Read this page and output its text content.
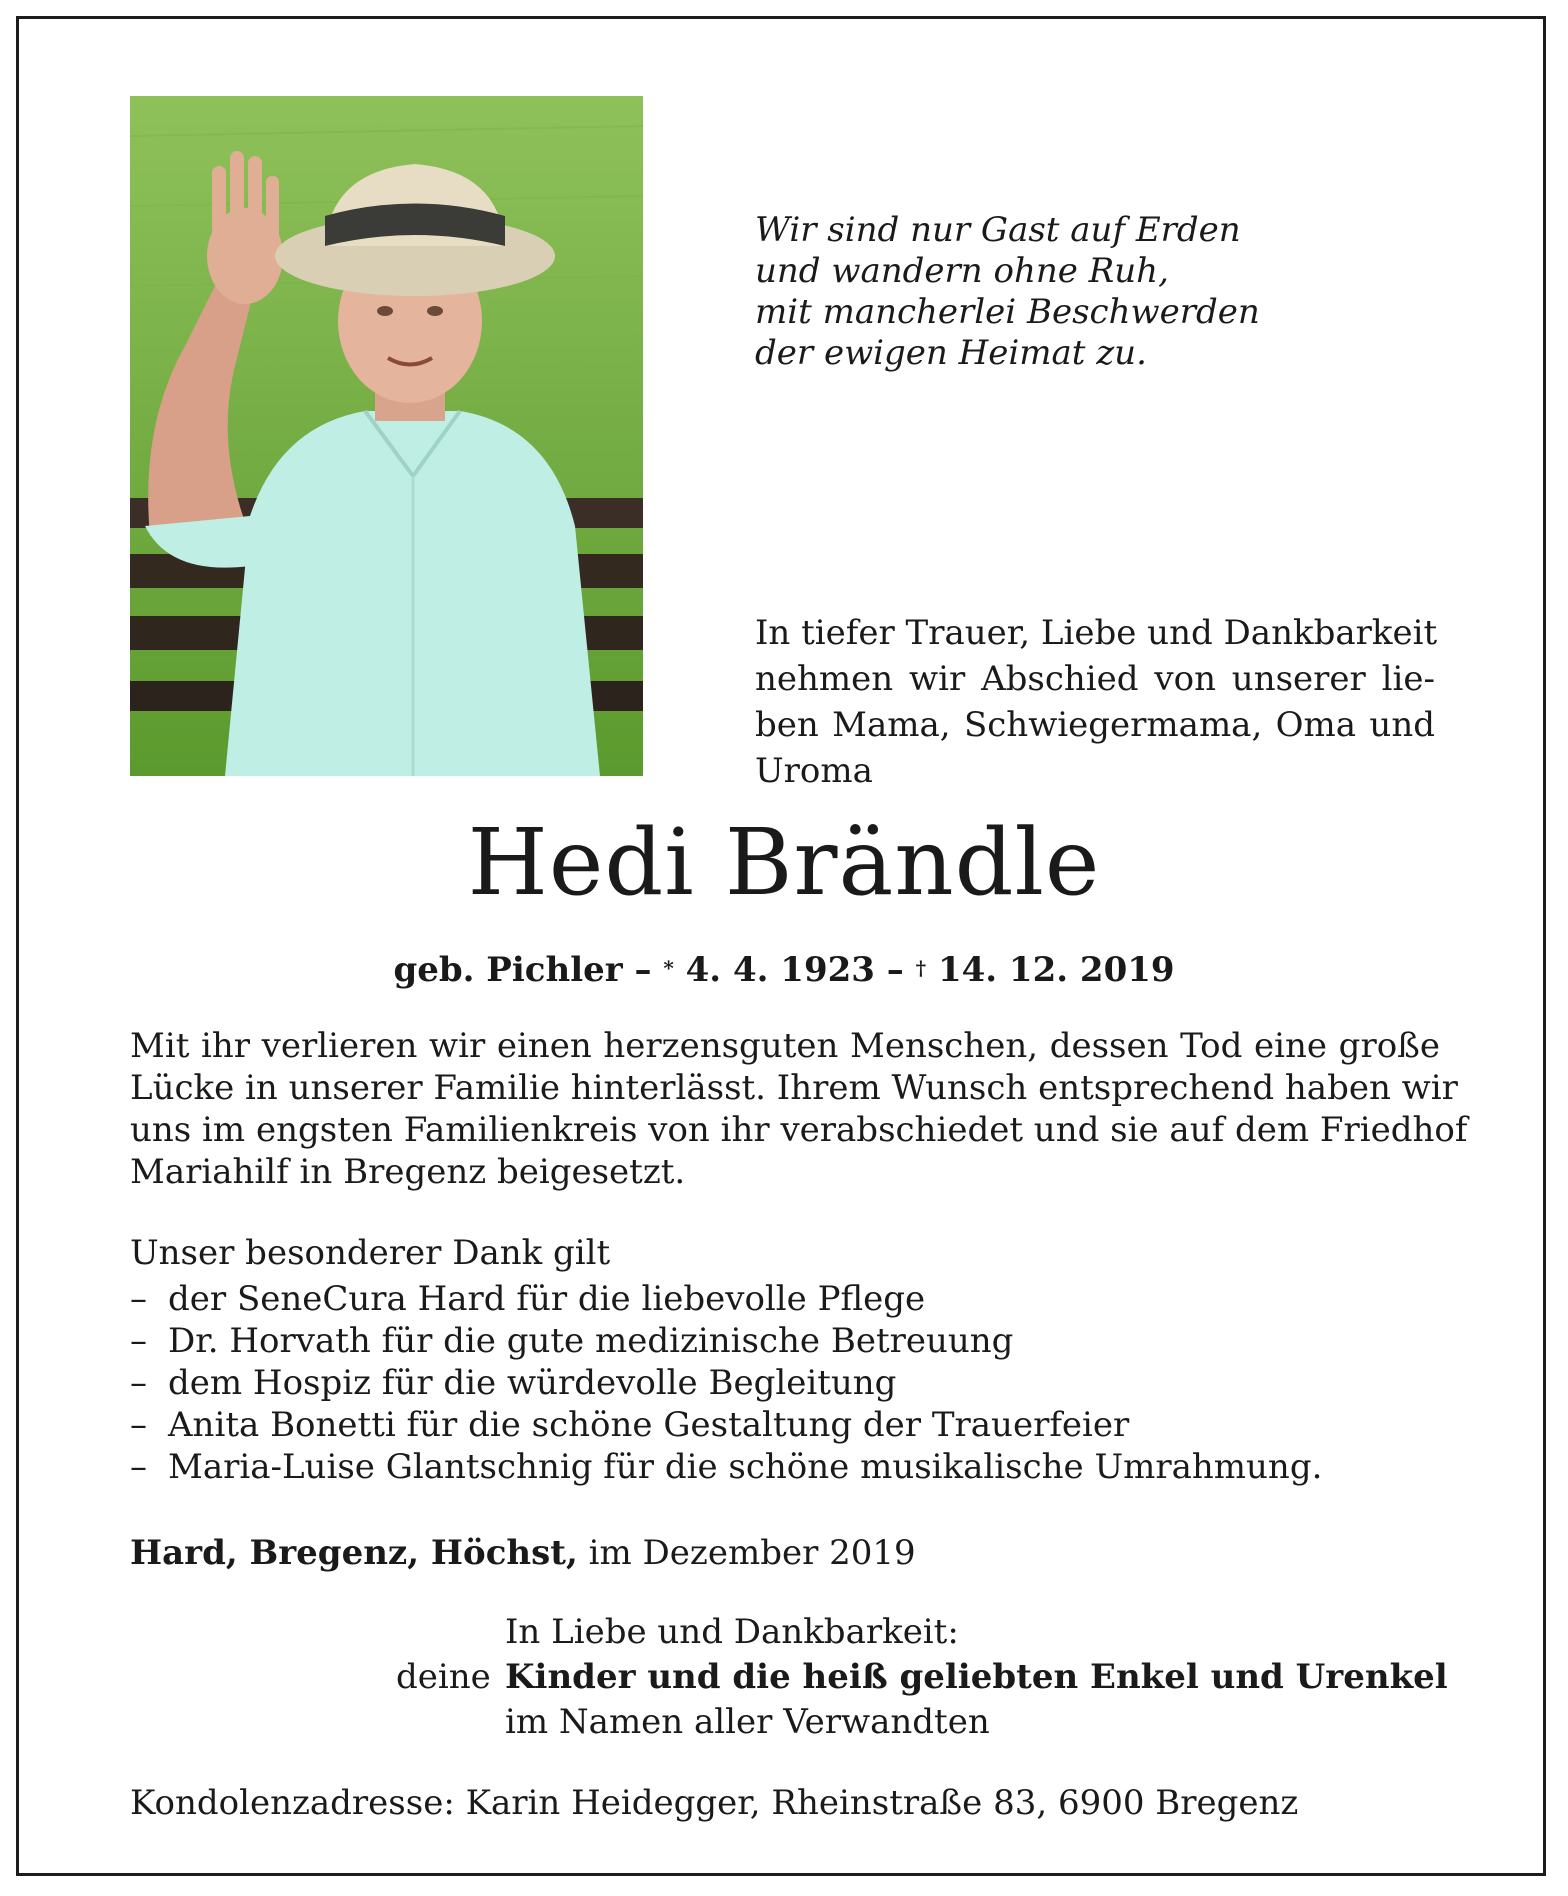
Wir sind nur Gast auf Erden
und wandern ohne Ruh,
mit mancherlei Beschwerden
der ewigen Heimat zu.
In tiefer Trauer, Liebe und Dankbarkeit
nehmen wir Abschied von unserer lie-
ben Mama, Schwiegermama, Oma und
Uroma
Hedi Brändle
geb. Pichler – * 4. 4. 1923 – † 14. 12. 2019
Mit ihr verlieren wir einen herzensguten Menschen, dessen Tod eine große
Lücke in unserer Familie hinterlässt. Ihrem Wunsch entsprechend haben wir
uns im engsten Familienkreis von ihr verabschiedet und sie auf dem Friedhof
Mariahilf in Bregenz beigesetzt.
Unser besonderer Dank gilt
– der SeneCura Hard für die liebevolle Pflege
– Dr. Horvath für die gute medizinische Betreuung
– dem Hospiz für die würdevolle Begleitung
– Anita Bonetti für die schöne Gestaltung der Trauerfeier
– Maria-Luise Glantschnig für die schöne musikalische Umrahmung.
Hard, Bregenz, Höchst, im Dezember 2019
In Liebe und Dankbarkeit:
Kinder und die heiß geliebten Enkel und Urenkel
im Namen aller Verwandten
deine
Kondolenzadresse: Karin Heidegger, Rheinstraße 83, 6900 Bregenz
